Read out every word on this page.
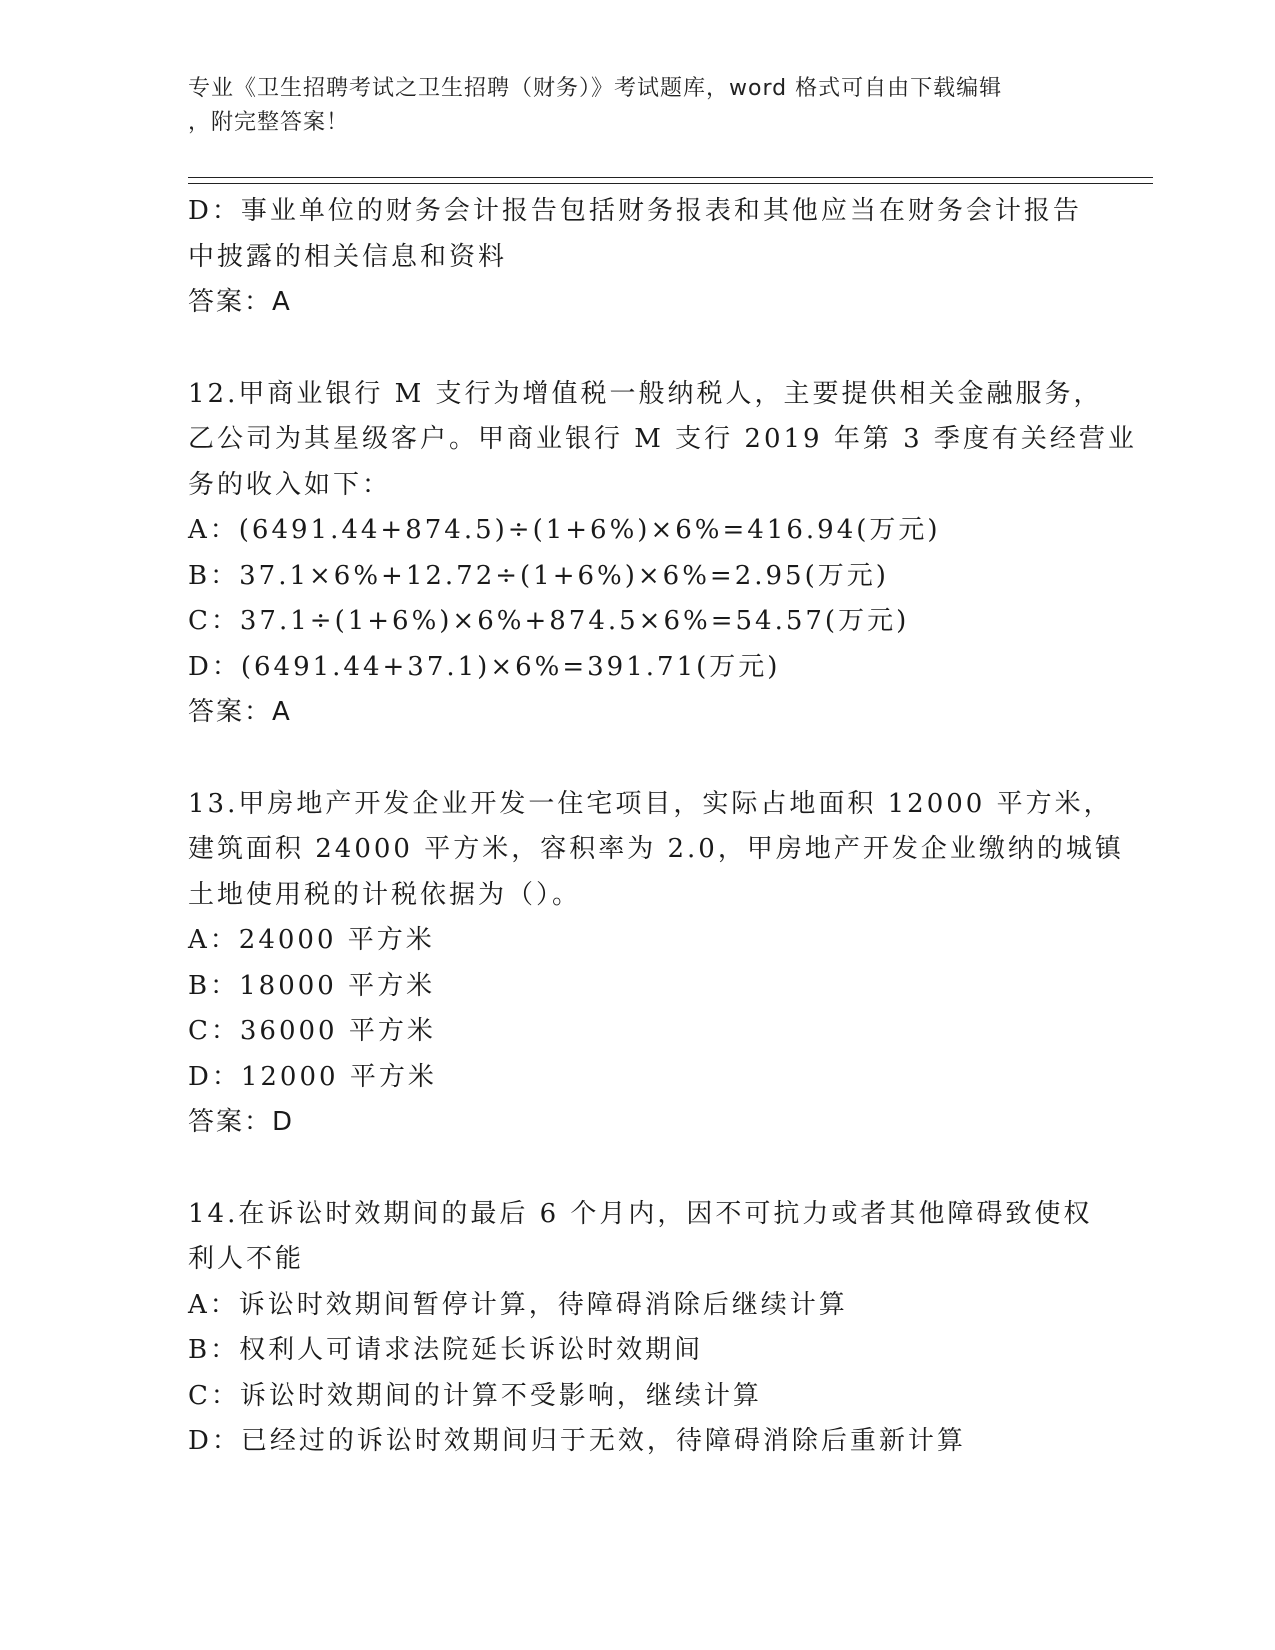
专业《卫生招聘考试之卫生招聘（财务）》考试题库，word 格式可自由下载编辑
，附完整答案！
D：事业单位的财务会计报告包括财务报表和其他应当在财务会计报告
中披露的相关信息和资料
答案：A
12.甲商业银行 M 支行为增值税一般纳税人，主要提供相关金融服务，
乙公司为其星级客户。甲商业银行 M 支行 2019 年第 3 季度有关经营业
务的收入如下：
A：(6491.44+874.5)÷(1+6%)×6%=416.94(万元)
B：37.1×6%+12.72÷(1+6%)×6%=2.95(万元)
C：37.1÷(1+6%)×6%+874.5×6%=54.57(万元)
D：(6491.44+37.1)×6%=391.71(万元)
答案：A
13.甲房地产开发企业开发一住宅项目，实际占地面积 12000 平方米，
建筑面积 24000 平方米，容积率为 2.0，甲房地产开发企业缴纳的城镇
土地使用税的计税依据为（）。
A：24000 平方米
B：18000 平方米
C：36000 平方米
D：12000 平方米
答案：D
14.在诉讼时效期间的最后 6 个月内，因不可抗力或者其他障碍致使权
利人不能
A：诉讼时效期间暂停计算，待障碍消除后继续计算
B：权利人可请求法院延长诉讼时效期间
C：诉讼时效期间的计算不受影响，继续计算
D：已经过的诉讼时效期间归于无效，待障碍消除后重新计算
